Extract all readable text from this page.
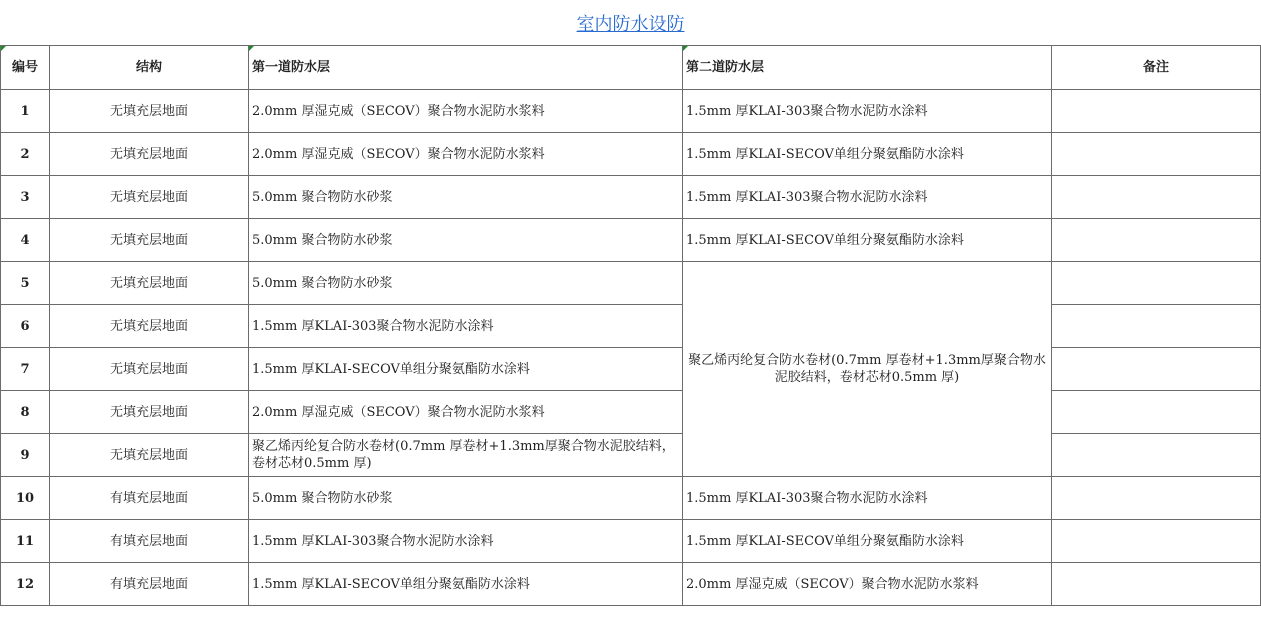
室内防水设防
编号	结构	第一道防水层	第二道防水层	备注
1	无填充层地面	2.0mm 厚湿克威（SECOV）聚合物水泥防水浆料	1.5mm 厚KLAI-303聚合物水泥防水涂料	
2	无填充层地面	2.0mm 厚湿克威（SECOV）聚合物水泥防水浆料	1.5mm 厚KLAI-SECOV单组分聚氨酯防水涂料	
3	无填充层地面	5.0mm 聚合物防水砂浆	1.5mm 厚KLAI-303聚合物水泥防水涂料	
4	无填充层地面	5.0mm 聚合物防水砂浆	1.5mm 厚KLAI-SECOV单组分聚氨酯防水涂料	
5	无填充层地面	5.0mm 聚合物防水砂浆	聚乙烯丙纶复合防水卷材(0.7mm 厚卷材+1.3mm厚聚合物水泥胶结料，卷材芯材0.5mm 厚)	
6	无填充层地面	1.5mm 厚KLAI-303聚合物水泥防水涂料		
7	无填充层地面	1.5mm 厚KLAI-SECOV单组分聚氨酯防水涂料		
8	无填充层地面	2.0mm 厚湿克威（SECOV）聚合物水泥防水浆料		
9	无填充层地面	聚乙烯丙纶复合防水卷材(0.7mm 厚卷材+1.3mm厚聚合物水泥胶结料，卷材芯材0.5mm 厚)		
10	有填充层地面	5.0mm 聚合物防水砂浆	1.5mm 厚KLAI-303聚合物水泥防水涂料	
11	有填充层地面	1.5mm 厚KLAI-303聚合物水泥防水涂料	1.5mm 厚KLAI-SECOV单组分聚氨酯防水涂料	
12	有填充层地面	1.5mm 厚KLAI-SECOV单组分聚氨酯防水涂料	2.0mm 厚湿克威（SECOV）聚合物水泥防水浆料	
